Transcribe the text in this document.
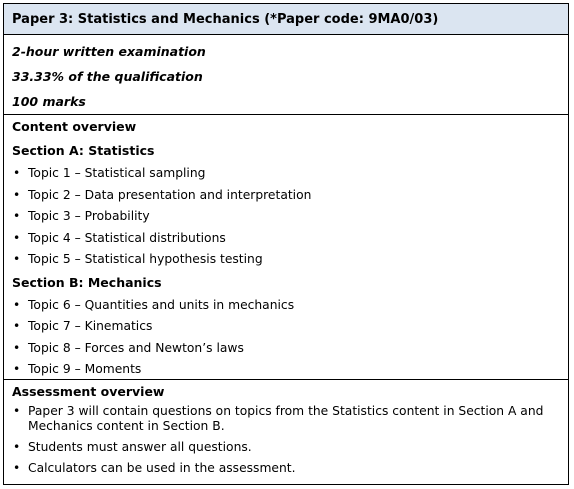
Paper 3: Statistics and Mechanics (*Paper code: 9MA0/03)
2-hour written examination
33.33% of the qualification
100 marks
Content overview
Section A: Statistics
• Topic 1 – Statistical sampling
• Topic 2 – Data presentation and interpretation
• Topic 3 – Probability
• Topic 4 – Statistical distributions
• Topic 5 – Statistical hypothesis testing
Section B: Mechanics
• Topic 6 – Quantities and units in mechanics
• Topic 7 – Kinematics
• Topic 8 – Forces and Newton’s laws
• Topic 9 – Moments
Assessment overview
• Paper 3 will contain questions on topics from the Statistics content in Section A and Mechanics content in Section B.
• Students must answer all questions.
• Calculators can be used in the assessment.
